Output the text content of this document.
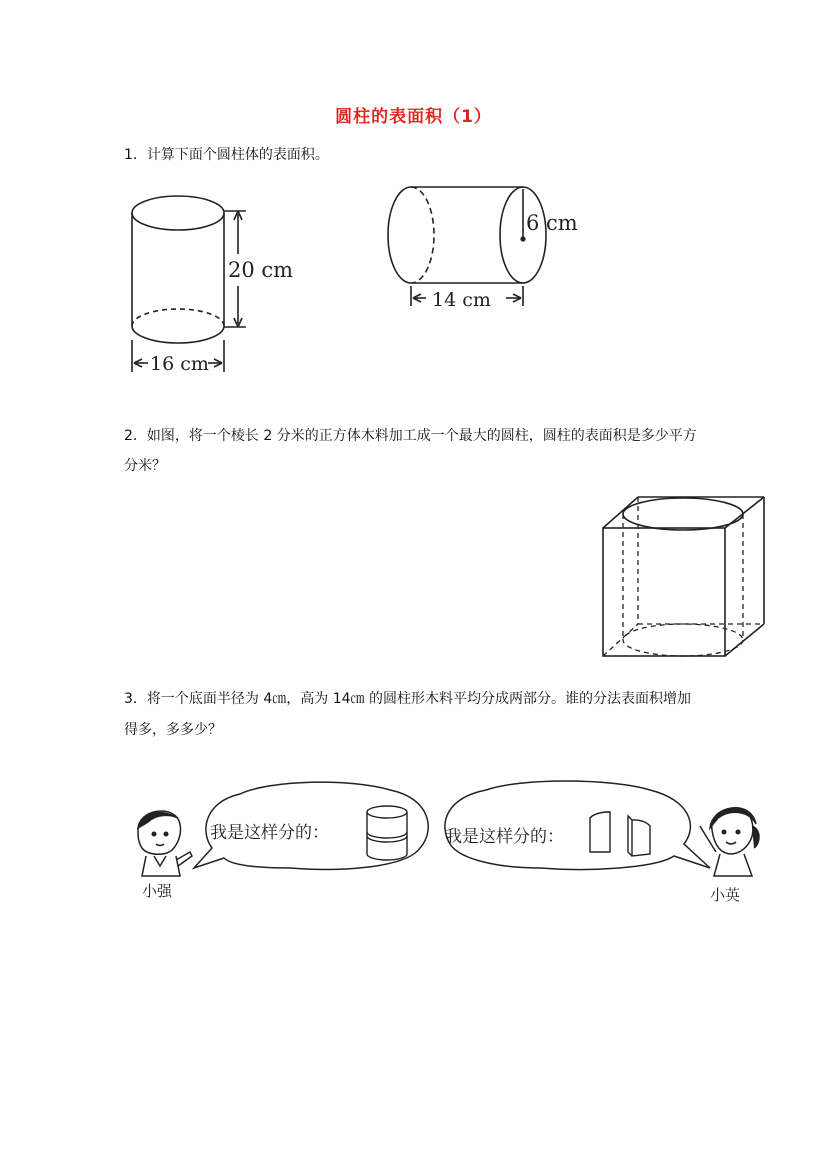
圆柱的表面积（1）
1．计算下面个圆柱体的表面积。
20 cm
16 cm
6 cm
14 cm
2．如图，将一个棱长 2 分米的正方体木料加工成一个最大的圆柱，圆柱的表面积是多少平方
分米？
3．将一个底面半径为 4㎝，高为 14㎝ 的圆柱形木料平均分成两部分。谁的分法表面积增加
得多，多多少？
小强
我是这样分的：	我是这样分的：
小英
